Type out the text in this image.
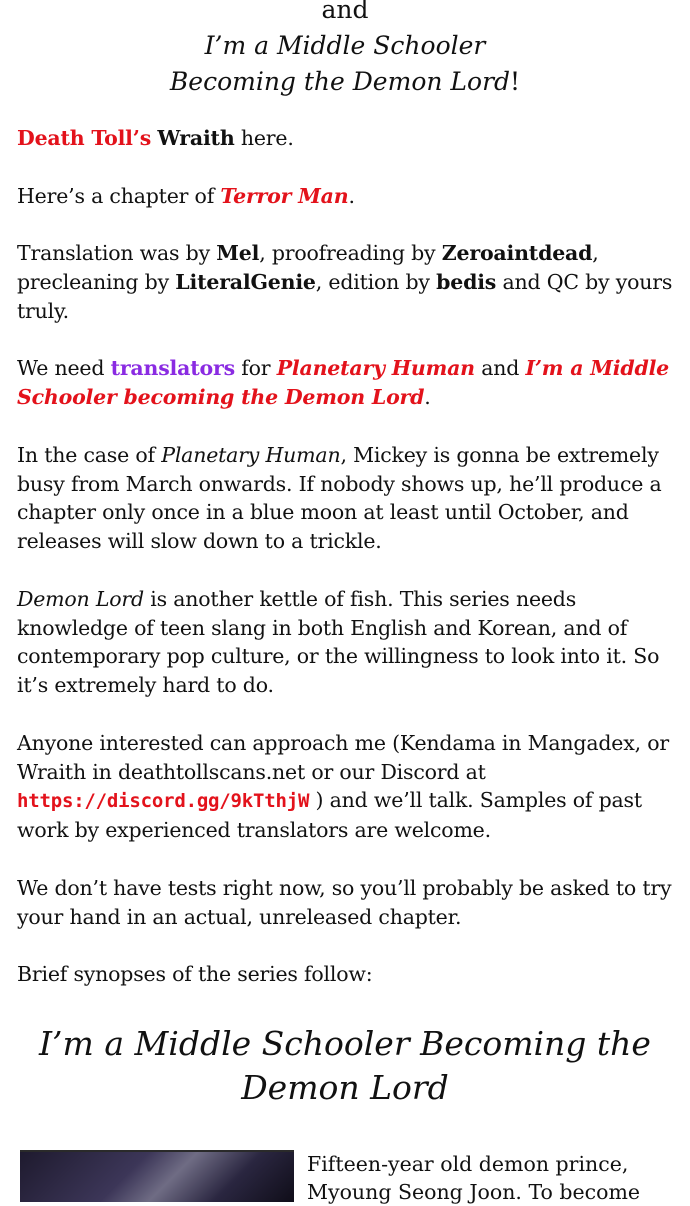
and
I’m a Middle Schooler
Becoming the Demon Lord!

Death Toll’s Wraith here.

Here’s a chapter of Terror Man.

Translation was by Mel, proofreading by Zeroaintdead, precleaning by LiteralGenie, edition by bedis and QC by yours truly.

We need translators for Planetary Human and I’m a Middle Schooler becoming the Demon Lord.

In the case of Planetary Human, Mickey is gonna be extremely busy from March onwards. If nobody shows up, he’ll produce a chapter only once in a blue moon at least until October, and releases will slow down to a trickle.

Demon Lord is another kettle of fish. This series needs knowledge of teen slang in both English and Korean, and of contemporary pop culture, or the willingness to look into it. So it’s extremely hard to do.

Anyone interested can approach me (Kendama in Mangadex, or Wraith in deathtollscans.net or our Discord at https://discord.gg/9kTthjW ) and we’ll talk. Samples of past work by experienced translators are welcome.

We don’t have tests right now, so you’ll probably be asked to try your hand in an actual, unreleased chapter.

Brief synopses of the series follow:

I’m a Middle Schooler Becoming the
Demon Lord
Fifteen-year old demon prince, Myoung Seong Joon. To become
